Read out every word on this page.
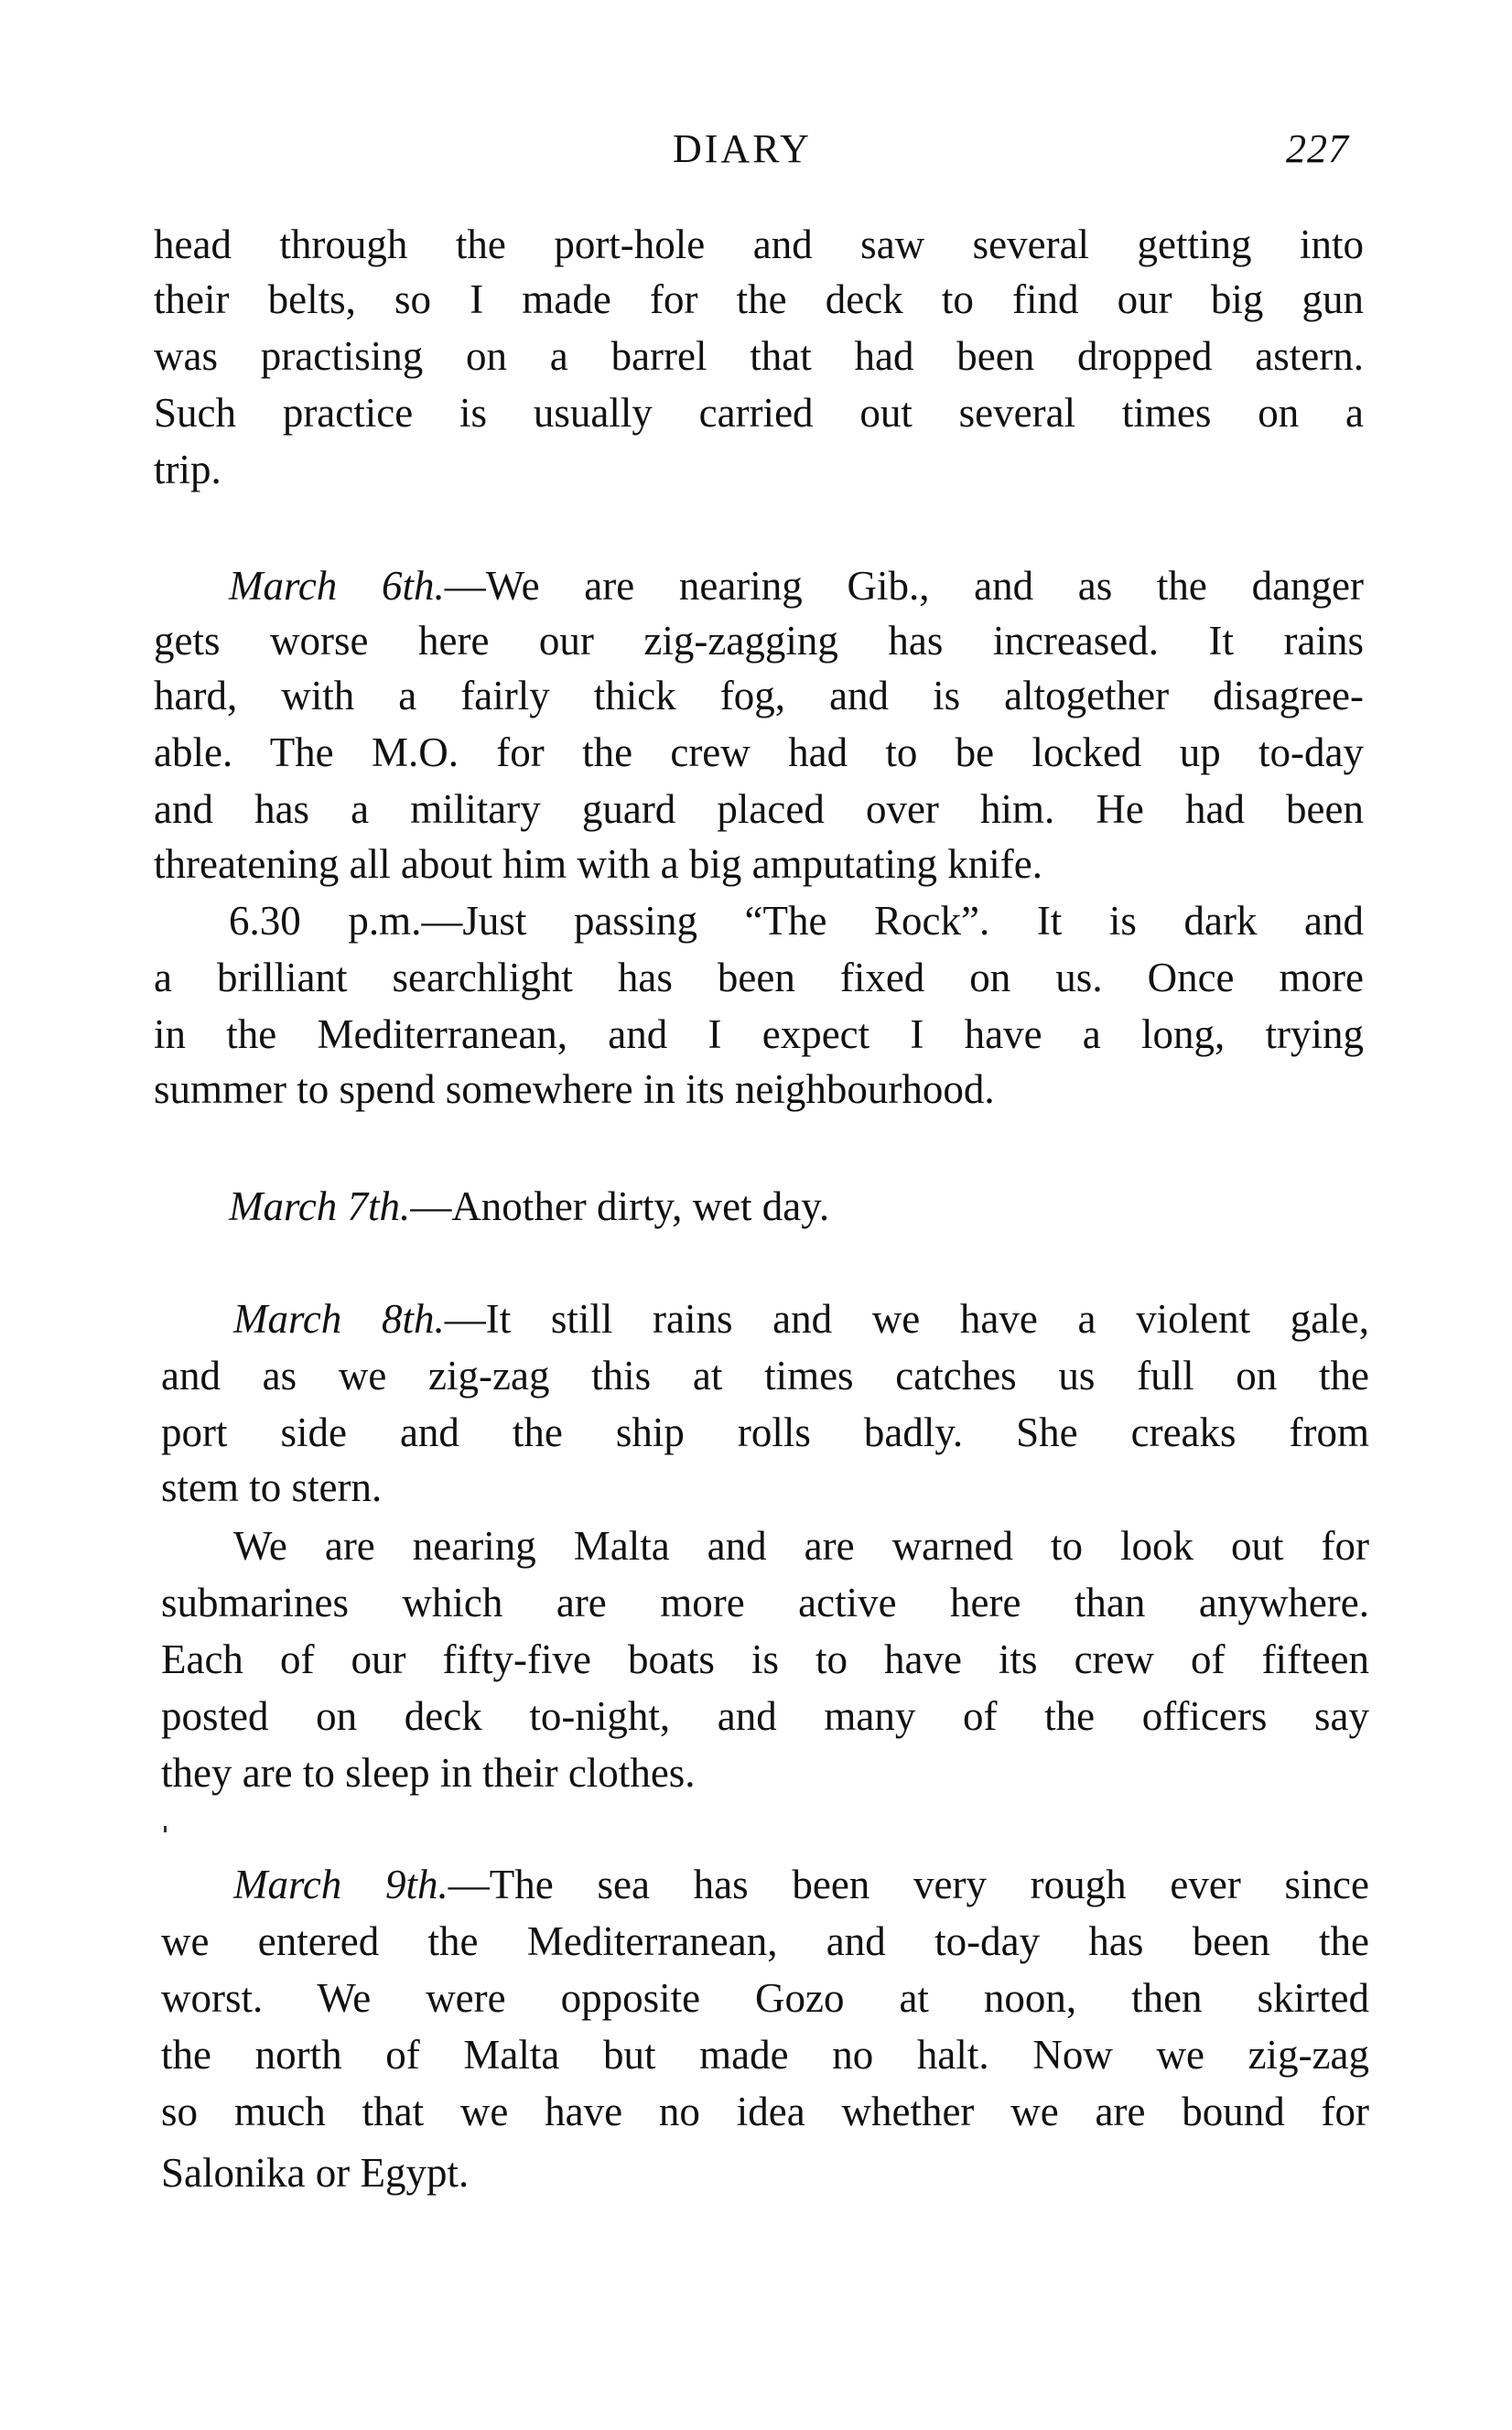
DIARY	227
head through the port-hole and saw several getting into
their belts, so I made for the deck to find our big gun
was practising on a barrel that had been dropped astern.
Such practice is usually carried out several times on a
trip.
March 6th.—We are nearing Gib., and as the danger
gets worse here our zig-zagging has increased. It rains
hard, with a fairly thick fog, and is altogether disagree-
able. The M.O. for the crew had to be locked up to-day
and has a military guard placed over him. He had been
threatening all about him with a big amputating knife.
6.30 p.m.—Just passing “The Rock”. It is dark and
a brilliant searchlight has been fixed on us. Once more
in the Mediterranean, and I expect I have a long, trying
summer to spend somewhere in its neighbourhood.
March 7th.—Another dirty, wet day.
March 8th.—It still rains and we have a violent gale,
and as we zig-zag this at times catches us full on the
port side and the ship rolls badly. She creaks from
stem to stern.
We are nearing Malta and are warned to look out for
submarines which are more active here than anywhere.
Each of our fifty-five boats is to have its crew of fifteen
posted on deck to-night, and many of the officers say
they are to sleep in their clothes.
March 9th.—The sea has been very rough ever since
we entered the Mediterranean, and to-day has been the
worst. We were opposite Gozo at noon, then skirted
the north of Malta but made no halt. Now we zig-zag
so much that we have no idea whether we are bound for
Salonika or Egypt.
